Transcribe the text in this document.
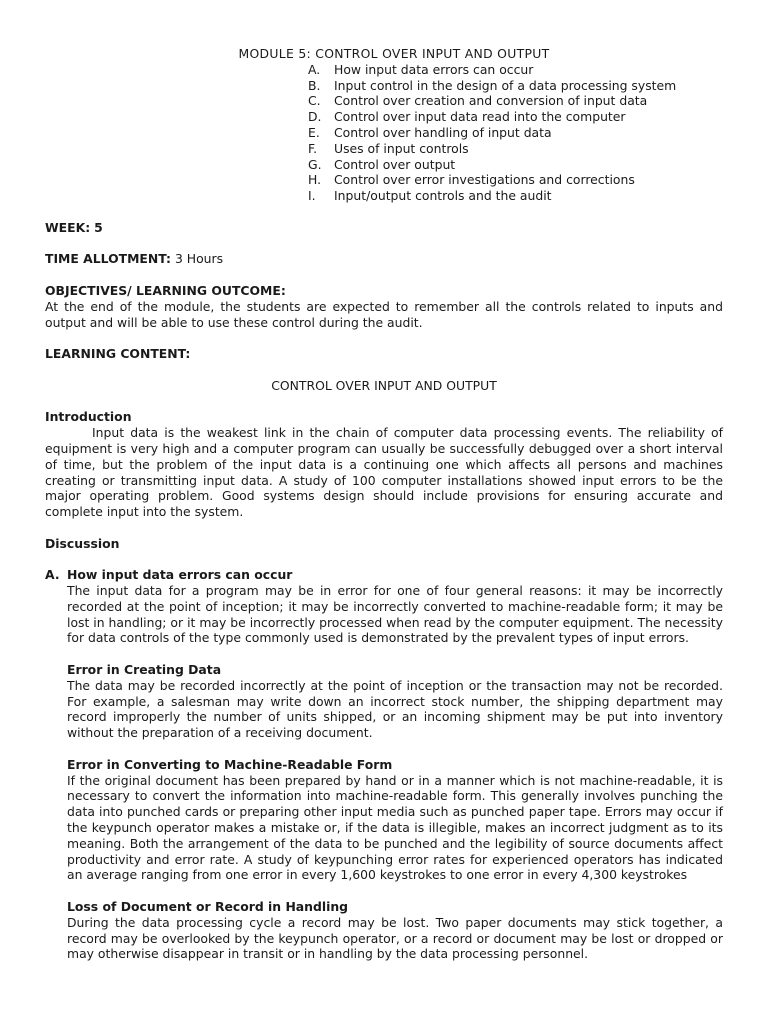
MODULE 5: CONTROL OVER INPUT AND OUTPUT
A.	How input data errors can occur
B.	Input control in the design of a data processing system
C.	Control over creation and conversion of input data
D.	Control over input data read into the computer
E.	Control over handling of input data
F.	Uses of input controls
G.	Control over output
H.	Control over error investigations and corrections
I.	Input/output controls and the audit

WEEK: 5

TIME ALLOTMENT: 3 Hours

OBJECTIVES/ LEARNING OUTCOME:

At the end of the module, the students are expected to remember all the controls related to inputs and output and will be able to use these control during the audit.

LEARNING CONTENT:

CONTROL OVER INPUT AND OUTPUT

Introduction

Input data is the weakest link in the chain of computer data processing events. The reliability of equipment is very high and a computer program can usually be successfully debugged over a short interval of time, but the problem of the input data is a continuing one which affects all persons and machines creating or transmitting input data. A study of 100 computer installations showed input errors to be the major operating problem. Good systems design should include provisions for ensuring accurate and complete input into the system.

Discussion

A. How input data errors can occur

The input data for a program may be in error for one of four general reasons: it may be incorrectly recorded at the point of inception; it may be incorrectly converted to machine-readable form; it may be lost in handling; or it may be incorrectly processed when read by the computer equipment. The necessity for data controls of the type commonly used is demonstrated by the prevalent types of input errors.

Error in Creating Data

The data may be recorded incorrectly at the point of inception or the transaction may not be recorded. For example, a salesman may write down an incorrect stock number, the shipping department may record improperly the number of units shipped, or an incoming shipment may be put into inventory without the preparation of a receiving document.

Error in Converting to Machine-Readable Form

If the original document has been prepared by hand or in a manner which is not machine-readable, it is necessary to convert the information into machine-readable form. This generally involves punching the data into punched cards or preparing other input media such as punched paper tape. Errors may occur if the keypunch operator makes a mistake or, if the data is illegible, makes an incorrect judgment as to its meaning. Both the arrangement of the data to be punched and the legibility of source documents affect productivity and error rate. A study of keypunching error rates for experienced operators has indicated an average ranging from one error in every 1,600 keystrokes to one error in every 4,300 keystrokes

Loss of Document or Record in Handling

During the data processing cycle a record may be lost. Two paper documents may stick together, a record may be overlooked by the keypunch operator, or a record or document may be lost or dropped or may otherwise disappear in transit or in handling by the data processing personnel.
